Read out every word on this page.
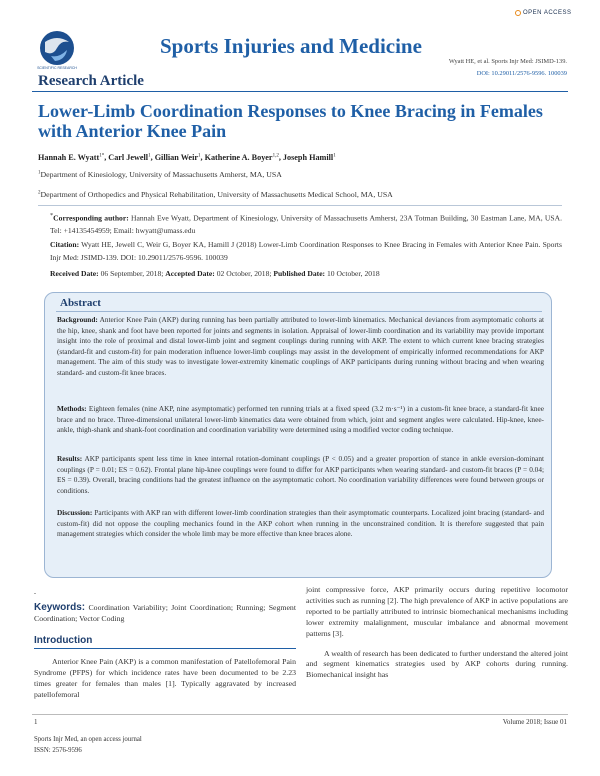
OPEN ACCESS
SCIENTIFIC RESEARCH
Sports Injuries and Medicine
Wyatt HE, et al. Sports Injr Med: JSIMD-139.
DOI: 10.29011/2576-9596. 100039
Research Article
Lower-Limb Coordination Responses to Knee Bracing in Females with Anterior Knee Pain
Hannah E. Wyatt$^{1*}$, Carl Jewell$^1$, Gillian Weir$^1$, Katherine A. Boyer$^{1,2}$, Joseph Hamill$^1$
$^1$Department of Kinesiology, University of Massachusetts Amherst, MA, USA
$^2$Department of Orthopedics and Physical Rehabilitation, University of Massachusetts Medical School, MA, USA
*Corresponding author: Hannah Eve Wyatt, Department of Kinesiology, University of Massachusetts Amherst, 23A Totman Building, 30 Eastman Lane, MA, USA. Tel: +14135454959; Email: hwyatt@umass.edu
Citation: Wyatt HE, Jewell C, Weir G, Boyer KA, Hamill J (2018) Lower-Limb Coordination Responses to Knee Bracing in Females with Anterior Knee Pain. Sports Injr Med: JSIMD-139. DOI: 10.29011/2576-9596. 100039
Received Date: 06 September, 2018; Accepted Date: 02 October, 2018; Published Date: 10 October, 2018
Abstract
Background: Anterior Knee Pain (AKP) during running has been partially attributed to lower-limb kinematics. Mechanical deviances from asymptomatic cohorts at the hip, knee, shank and foot have been reported for joints and segments in isolation. Appraisal of lower-limb coordination and its variability may provide important insight into the role of proximal and distal lower-limb joint and segment couplings during running with AKP. The extent to which current knee bracing strategies (standard-fit and custom-fit) for pain moderation influence lower-limb couplings may assist in the development of empirically informed recommendations for AKP management. The aim of this study was to investigate lower-extremity kinematic couplings of AKP participants during running without bracing and when wearing standard- and custom-fit knee braces.
Methods: Eighteen females (nine AKP, nine asymptomatic) performed ten running trials at a fixed speed (3.2 m·s⁻¹) in a custom-fit knee brace, a standard-fit knee brace and no brace. Three-dimensional unilateral lower-limb kinematics data were obtained from which, joint and segment angles were calculated. Hip-knee, knee-ankle, thigh-shank and shank-foot coordination and coordination variability were determined using a modified vector coding technique.
Results: AKP participants spent less time in knee internal rotation-dominant couplings (P < 0.05) and a greater proportion of stance in ankle eversion-dominant couplings (P = 0.01; ES = 0.62). Frontal plane hip-knee couplings were found to differ for AKP participants when wearing standard- and custom-fit braces (P = 0.04; ES = 0.39). Overall, bracing conditions had the greatest influence on the asymptomatic cohort. No coordination variability differences were found between groups or conditions.
Discussion: Participants with AKP ran with different lower-limb coordination strategies than their asymptomatic counterparts. Localized joint bracing (standard- and custom-fit) did not oppose the coupling mechanics found in the AKP cohort when running in the unconstrained condition. It is therefore suggested that pain management strategies which consider the whole limb may be more effective than knee braces alone.
.
Keywords: Coordination Variability; Joint Coordination; Running; Segment Coordination; Vector Coding
Introduction

Anterior Knee Pain (AKP) is a common manifestation of Patellofemoral Pain Syndrome (PFPS) for which incidence rates have been documented to be 2.23 times greater for females than males [1]. Typically aggravated by increased patellofemoral

joint compressive force, AKP primarily occurs during repetitive locomotor activities such as running [2]. The high prevalence of AKP in active populations are reported to be partially attributed to intrinsic biomechanical mechanisms including lower extremity malalignment, muscular imbalance and abnormal movement patterns [3].

A wealth of research has been dedicated to further understand the altered joint and segment kinematics strategies used by AKP cohorts during running. Biomechanical insight has

1	Volume 2018; Issue 01
Sports Injr Med, an open access journal
ISSN: 2576-9596
